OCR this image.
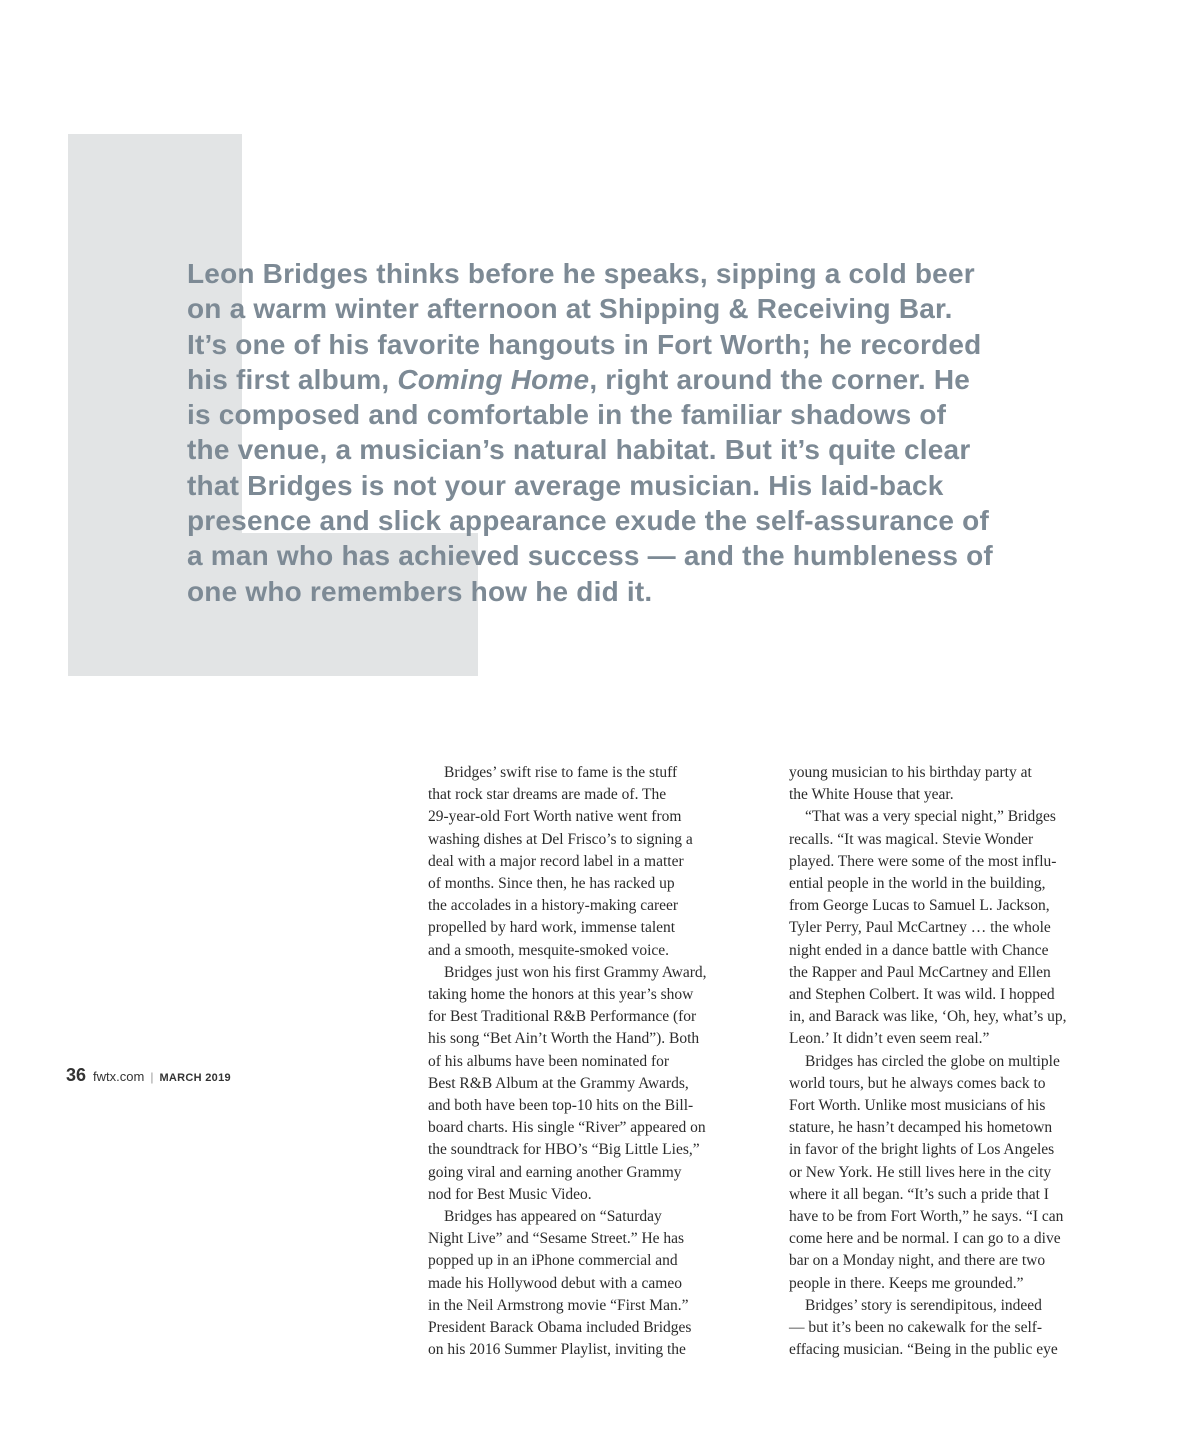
Leon Bridges thinks before he speaks, sipping a cold beer
on a warm winter afternoon at Shipping & Receiving Bar.
It’s one of his favorite hangouts in Fort Worth; he recorded
his first album, Coming Home, right around the corner. He
is composed and comfortable in the familiar shadows of
the venue, a musician’s natural habitat. But it’s quite clear
that Bridges is not your average musician. His laid-back
presence and slick appearance exude the self-assurance of
a man who has achieved success — and the humbleness of
one who remembers how he did it.
Bridges’ swift rise to fame is the stuff
that rock star dreams are made of. The
29-year-old Fort Worth native went from
washing dishes at Del Frisco’s to signing a
deal with a major record label in a matter
of months. Since then, he has racked up
the accolades in a history-making career
propelled by hard work, immense talent
and a smooth, mesquite-smoked voice.
Bridges just won his first Grammy Award,
taking home the honors at this year’s show
for Best Traditional R&B Performance (for
his song “Bet Ain’t Worth the Hand”). Both
of his albums have been nominated for
Best R&B Album at the Grammy Awards,
and both have been top-10 hits on the Bill-
board charts. His single “River” appeared on
the soundtrack for HBO’s “Big Little Lies,”
going viral and earning another Grammy
nod for Best Music Video.
Bridges has appeared on “Saturday
Night Live” and “Sesame Street.” He has
popped up in an iPhone commercial and
made his Hollywood debut with a cameo
in the Neil Armstrong movie “First Man.”
President Barack Obama included Bridges
on his 2016 Summer Playlist, inviting the
young musician to his birthday party at
the White House that year.
“That was a very special night,” Bridges
recalls. “It was magical. Stevie Wonder
played. There were some of the most influ-
ential people in the world in the building,
from George Lucas to Samuel L. Jackson,
Tyler Perry, Paul McCartney … the whole
night ended in a dance battle with Chance
the Rapper and Paul McCartney and Ellen
and Stephen Colbert. It was wild. I hopped
in, and Barack was like, ‘Oh, hey, what’s up,
Leon.’ It didn’t even seem real.”
Bridges has circled the globe on multiple
world tours, but he always comes back to
Fort Worth. Unlike most musicians of his
stature, he hasn’t decamped his hometown
in favor of the bright lights of Los Angeles
or New York. He still lives here in the city
where it all began. “It’s such a pride that I
have to be from Fort Worth,” he says. “I can
come here and be normal. I can go to a dive
bar on a Monday night, and there are two
people in there. Keeps me grounded.”
Bridges’ story is serendipitous, indeed
— but it’s been no cakewalk for the self-
effacing musician. “Being in the public eye
36 fwtx.com | MARCH 2019
